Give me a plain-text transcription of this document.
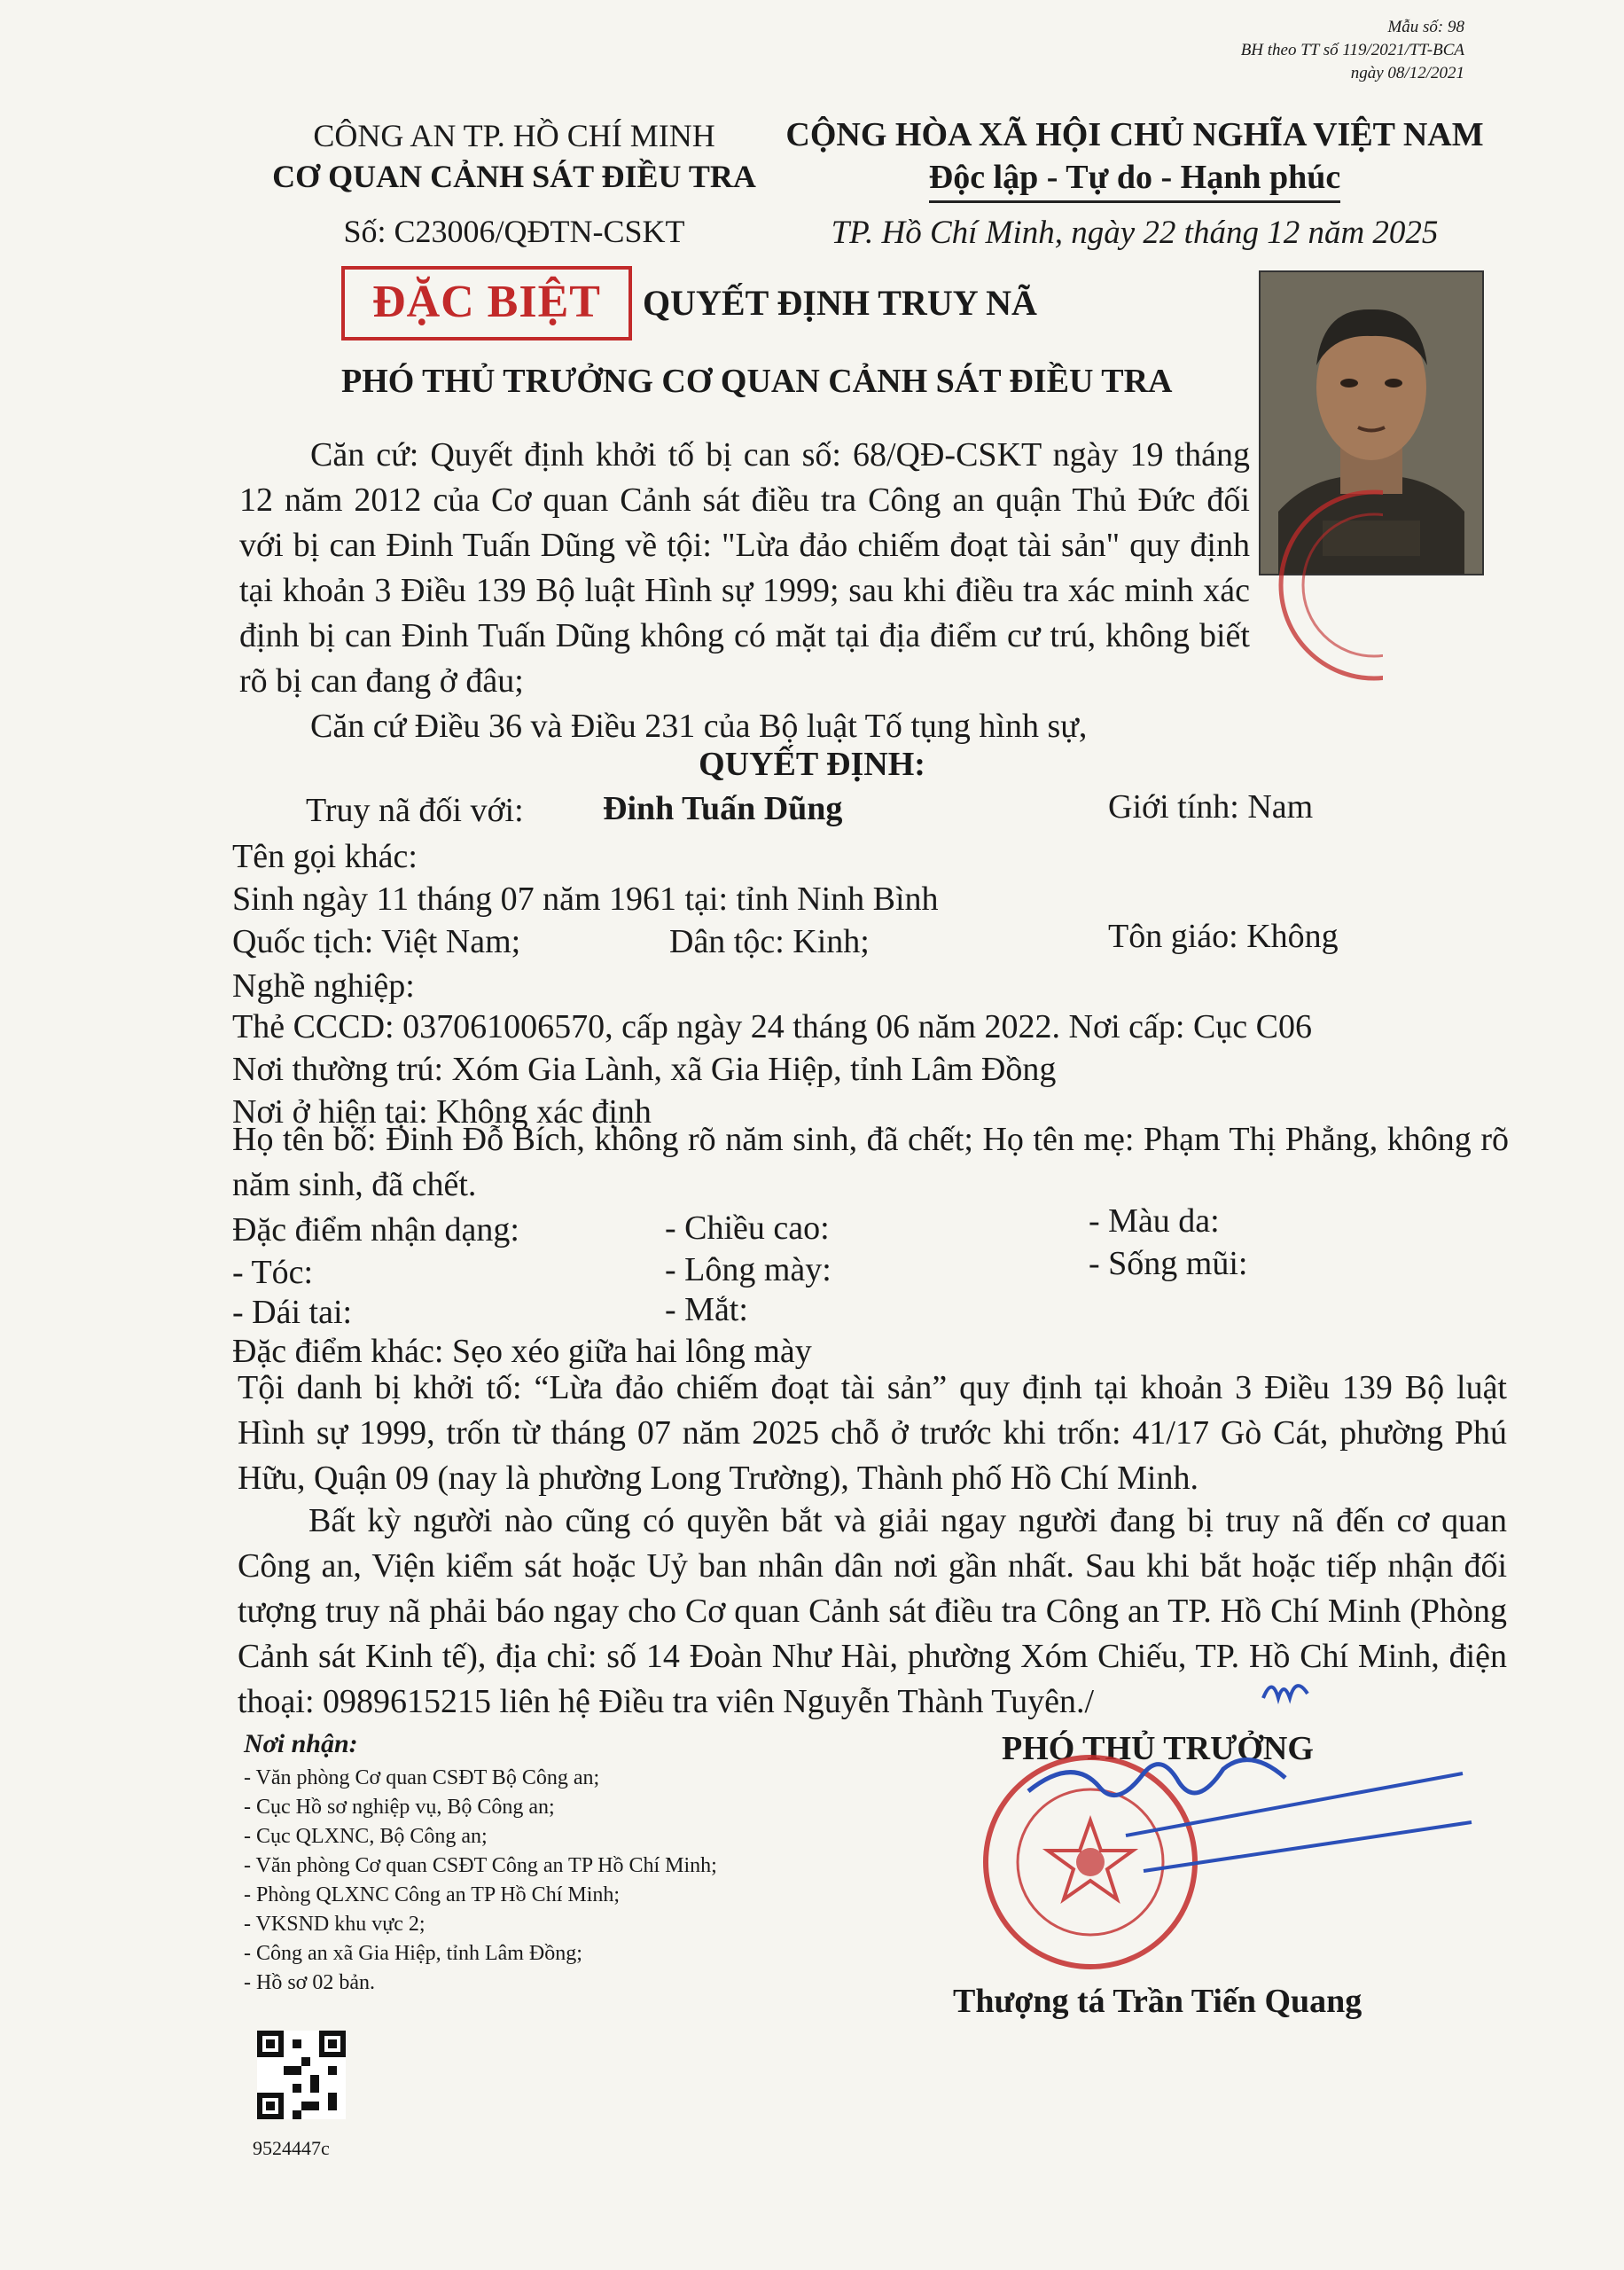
Mẫu số: 98
BH theo TT số 119/2021/TT-BCA
ngày 08/12/2021
CÔNG AN TP. HỒ CHÍ MINH
CƠ QUAN CẢNH SÁT ĐIỀU TRA
Số: C23006/QĐTN-CSKT
CỘNG HÒA XÃ HỘI CHỦ NGHĨA VIỆT NAM
Độc lập - Tự do - Hạnh phúc
TP. Hồ Chí Minh, ngày 22 tháng 12 năm 2025
ĐẶC BIỆT	QUYẾT ĐỊNH TRUY NÃ
PHÓ THỦ TRƯỞNG CƠ QUAN CẢNH SÁT ĐIỀU TRA

Căn cứ: Quyết định khởi tố bị can số: 68/QĐ-CSKT ngày 19 tháng 12 năm 2012 của Cơ quan Cảnh sát điều tra Công an quận Thủ Đức đối với bị can Đinh Tuấn Dũng về tội: "Lừa đảo chiếm đoạt tài sản" quy định tại khoản 3 Điều 139 Bộ luật Hình sự 1999; sau khi điều tra xác minh xác định bị can Đinh Tuấn Dũng không có mặt tại địa điểm cư trú, không biết rõ bị can đang ở đâu;

Căn cứ Điều 36 và Điều 231 của Bộ luật Tố tụng hình sự,

QUYẾT ĐỊNH:
Truy nã đối với: Đinh Tuấn Dũng	Giới tính: Nam
Tên gọi khác:
Sinh ngày 11 tháng 07 năm 1961 tại: tỉnh Ninh Bình
Quốc tịch: Việt Nam;	Dân tộc: Kinh;	Tôn giáo: Không
Nghề nghiệp:
Thẻ CCCD: 037061006570, cấp ngày 24 tháng 06 năm 2022. Nơi cấp: Cục C06
Nơi thường trú: Xóm Gia Lành, xã Gia Hiệp, tỉnh Lâm Đồng
Nơi ở hiện tại: Không xác định

Họ tên bố: Đinh Đỗ Bích, không rõ năm sinh, đã chết; Họ tên mẹ: Phạm Thị Phẳng, không rõ năm sinh, đã chết.

Đặc điểm nhận dạng:	- Chiều cao:	- Màu da:
- Tóc:	- Lông mày:	- Sống mũi:
- Dái tai:	- Mắt:
Đặc điểm khác: Sẹo xéo giữa hai lông mày

Tội danh bị khởi tố: “Lừa đảo chiếm đoạt tài sản” quy định tại khoản 3 Điều 139 Bộ luật Hình sự 1999, trốn từ tháng 07 năm 2025 chỗ ở trước khi trốn: 41/17 Gò Cát, phường Phú Hữu, Quận 09 (nay là phường Long Trường), Thành phố Hồ Chí Minh.

Bất kỳ người nào cũng có quyền bắt và giải ngay người đang bị truy nã đến cơ quan Công an, Viện kiểm sát hoặc Uỷ ban nhân dân nơi gần nhất. Sau khi bắt hoặc tiếp nhận đối tượng truy nã phải báo ngay cho Cơ quan Cảnh sát điều tra Công an TP. Hồ Chí Minh (Phòng Cảnh sát Kinh tế), địa chỉ: số 14 Đoàn Như Hài, phường Xóm Chiếu, TP. Hồ Chí Minh, điện thoại: 0989615215 liên hệ Điều tra viên Nguyễn Thành Tuyên./

Nơi nhận:
- Văn phòng Cơ quan CSĐT Bộ Công an;
- Cục Hồ sơ nghiệp vụ, Bộ Công an;
- Cục QLXNC, Bộ Công an;
- Văn phòng Cơ quan CSĐT Công an TP Hồ Chí Minh;
- Phòng QLXNC Công an TP Hồ Chí Minh;
- VKSND khu vực 2;
- Công an xã Gia Hiệp, tỉnh Lâm Đồng;
- Hồ sơ 02 bản.
PHÓ THỦ TRƯỞNG
Thượng tá Trần Tiến Quang
9524447c
